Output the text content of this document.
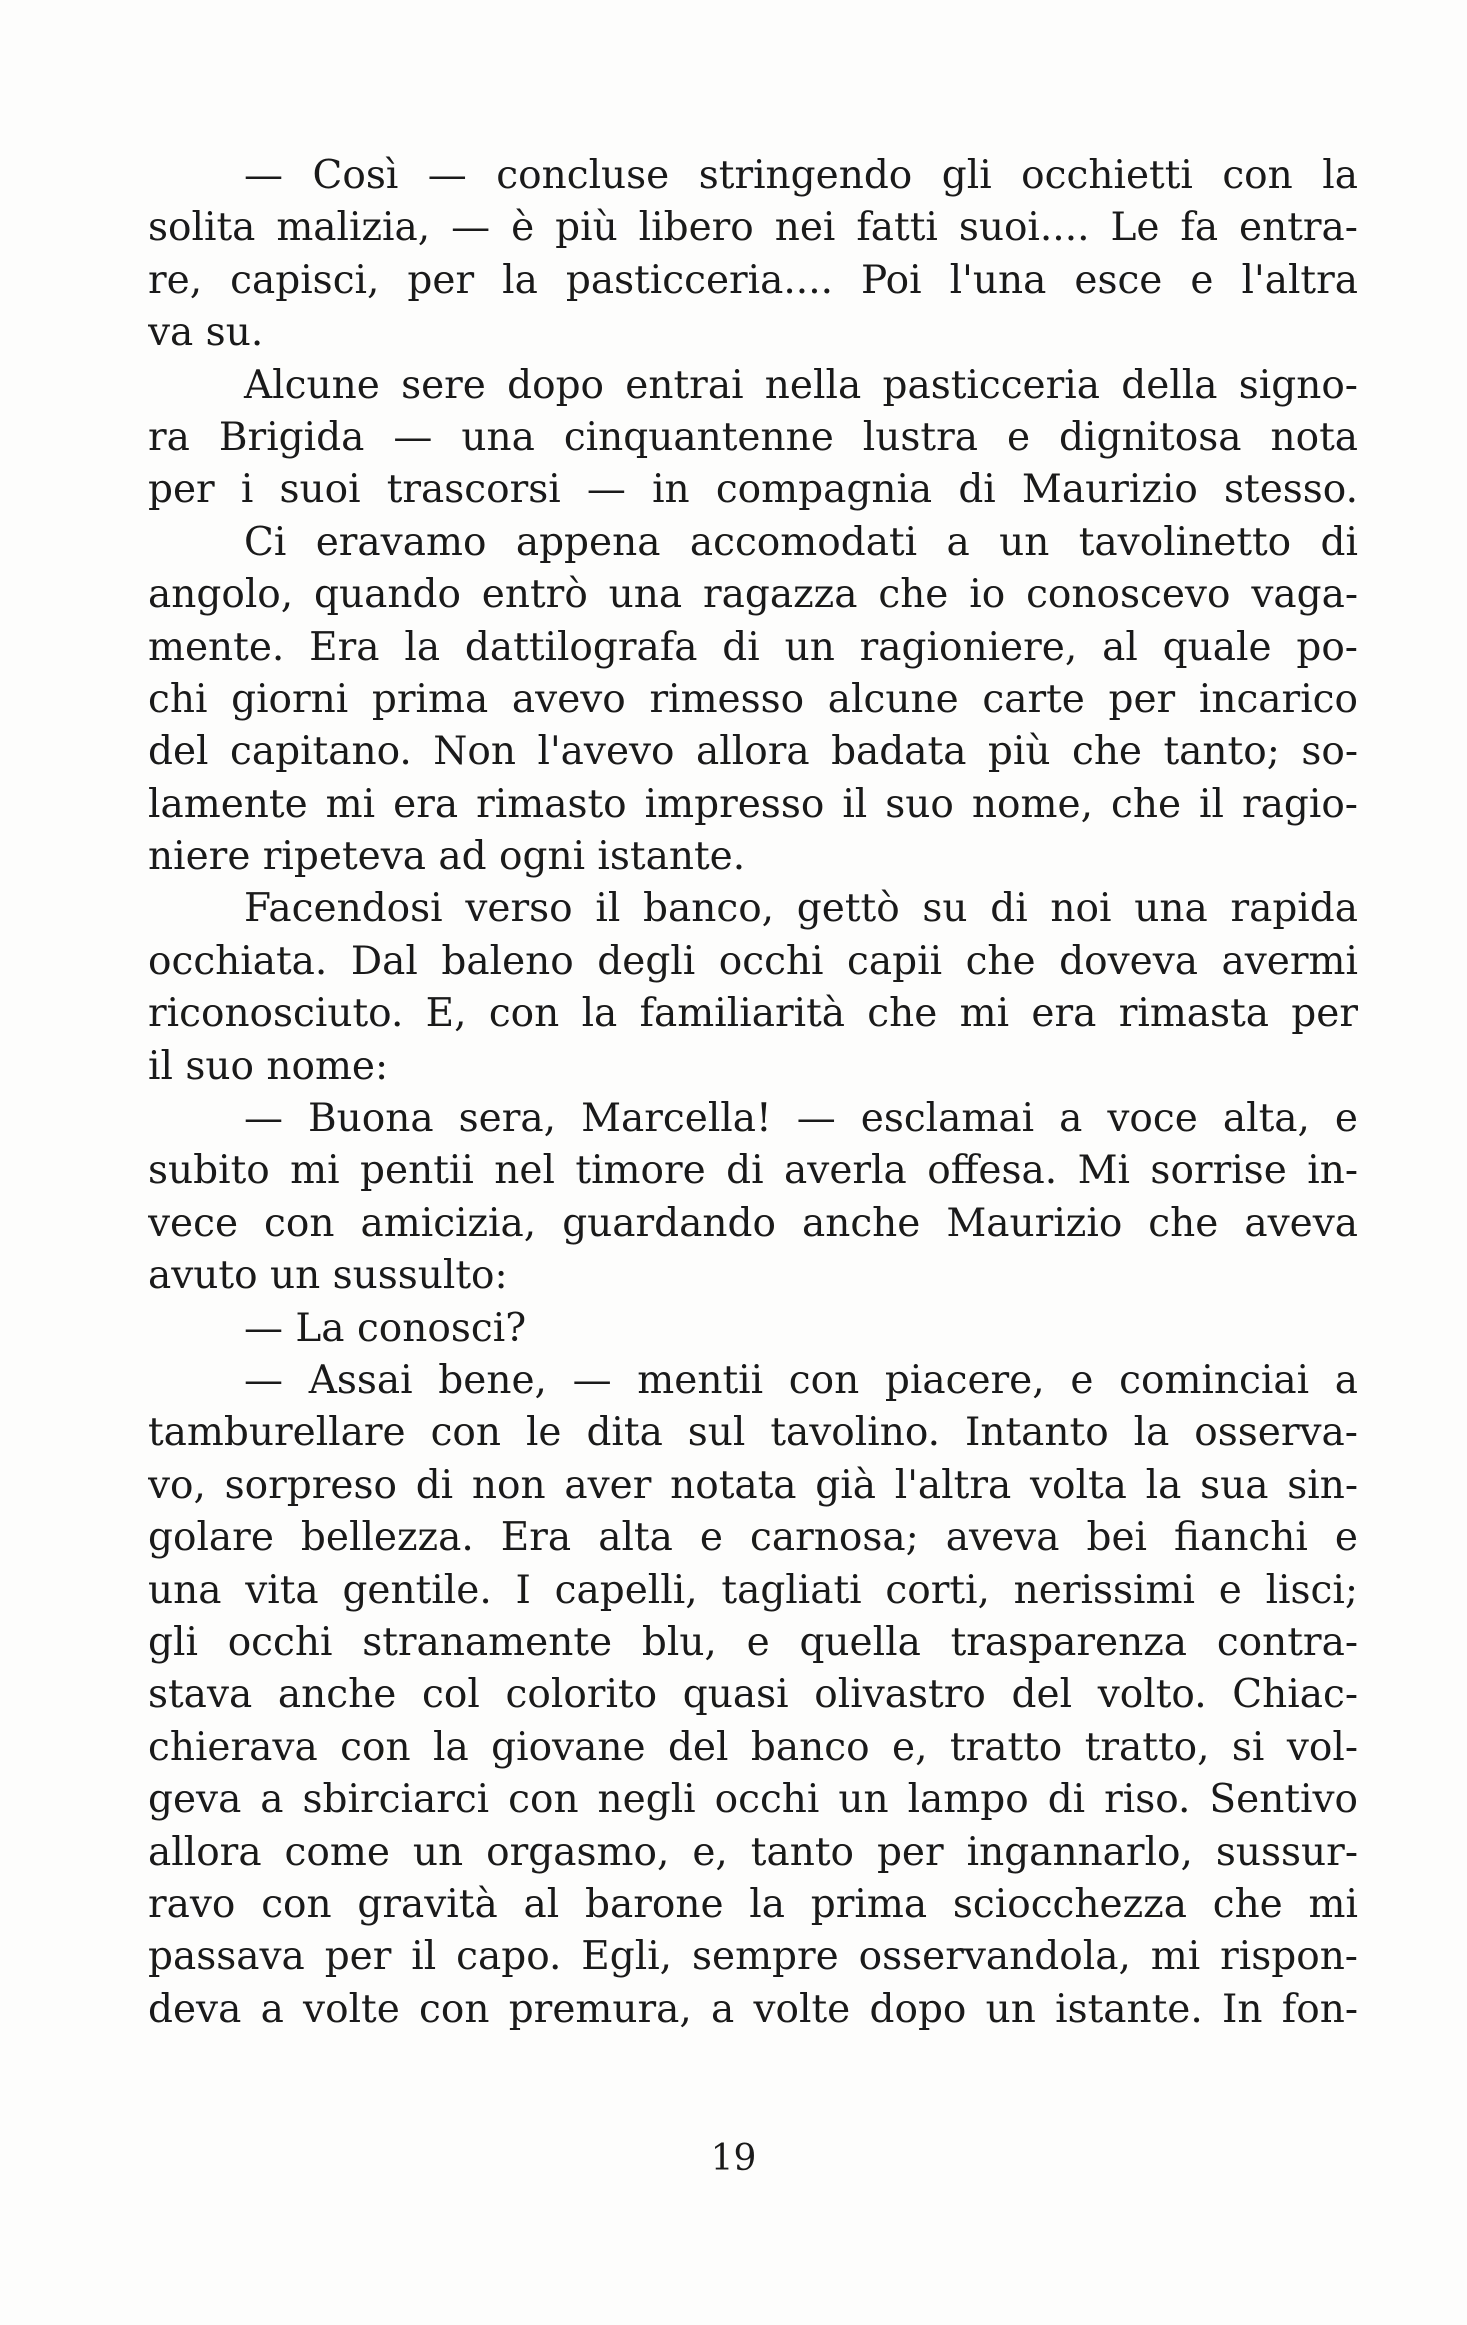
— Così — concluse stringendo gli occhietti con la
solita malizia, — è più libero nei fatti suoi.... Le fa entra-
re, capisci, per la pasticceria.... Poi l'una esce e l'altra
va su.
Alcune sere dopo entrai nella pasticceria della signo-
ra Brigida — una cinquantenne lustra e dignitosa nota
per i suoi trascorsi — in compagnia di Maurizio stesso.
Ci eravamo appena accomodati a un tavolinetto di
angolo, quando entrò una ragazza che io conoscevo vaga-
mente. Era la dattilografa di un ragioniere, al quale po-
chi giorni prima avevo rimesso alcune carte per incarico
del capitano. Non l'avevo allora badata più che tanto; so-
lamente mi era rimasto impresso il suo nome, che il ragio-
niere ripeteva ad ogni istante.
Facendosi verso il banco, gettò su di noi una rapida
occhiata. Dal baleno degli occhi capii che doveva avermi
riconosciuto. E, con la familiarità che mi era rimasta per
il suo nome:
— Buona sera, Marcella! — esclamai a voce alta, e
subito mi pentii nel timore di averla offesa. Mi sorrise in-
vece con amicizia, guardando anche Maurizio che aveva
avuto un sussulto:
— La conosci?
— Assai bene, — mentii con piacere, e cominciai a
tamburellare con le dita sul tavolino. Intanto la osserva-
vo, sorpreso di non aver notata già l'altra volta la sua sin-
golare bellezza. Era alta e carnosa; aveva bei fianchi e
una vita gentile. I capelli, tagliati corti, nerissimi e lisci;
gli occhi stranamente blu, e quella trasparenza contra-
stava anche col colorito quasi olivastro del volto. Chiac-
chierava con la giovane del banco e, tratto tratto, si vol-
geva a sbirciarci con negli occhi un lampo di riso. Sentivo
allora come un orgasmo, e, tanto per ingannarlo, sussur-
ravo con gravità al barone la prima sciocchezza che mi
passava per il capo. Egli, sempre osservandola, mi rispon-
deva a volte con premura, a volte dopo un istante. In fon-
19
